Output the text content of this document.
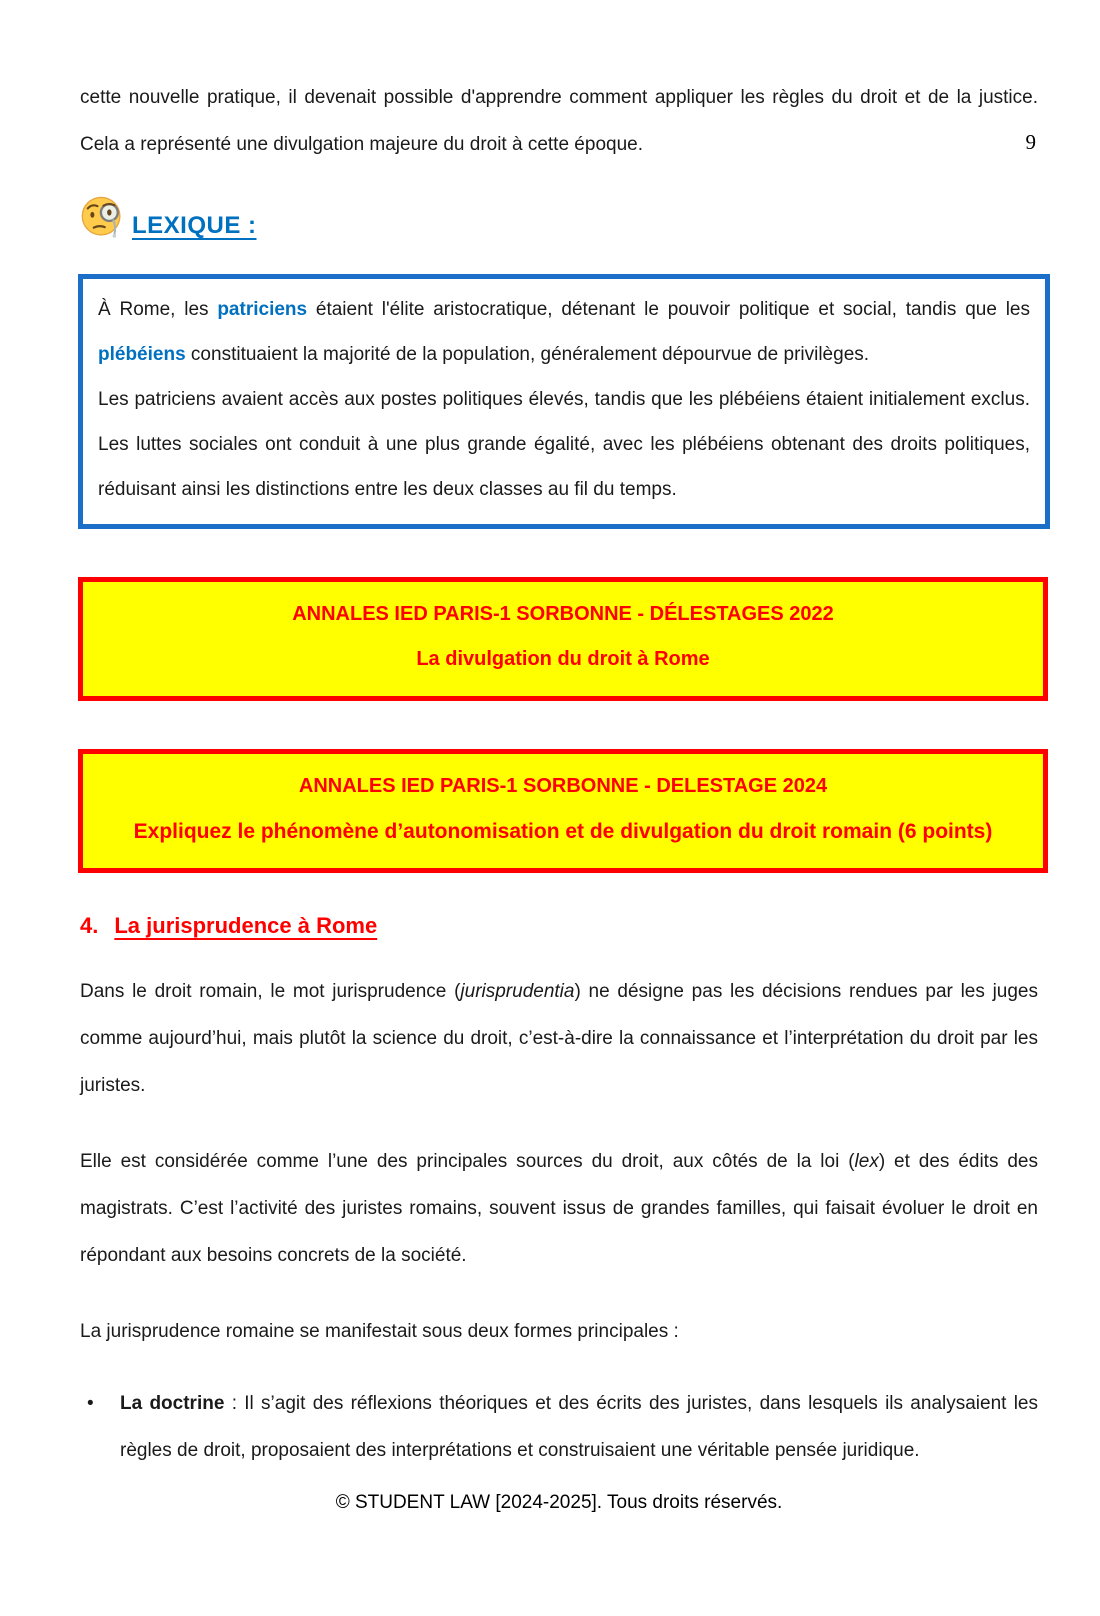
9

cette nouvelle pratique, il devenait possible d'apprendre comment appliquer les règles du droit et de la justice. Cela a représenté une divulgation majeure du droit à cette époque.

LEXIQUE :
À Rome, les patriciens étaient l'élite aristocratique, détenant le pouvoir politique et social, tandis que les plébéiens constituaient la majorité de la population, généralement dépourvue de privilèges.
Les patriciens avaient accès aux postes politiques élevés, tandis que les plébéiens étaient initialement exclus. Les luttes sociales ont conduit à une plus grande égalité, avec les plébéiens obtenant des droits politiques, réduisant ainsi les distinctions entre les deux classes au fil du temps.
ANNALES IED PARIS-1 SORBONNE - DÉLESTAGES 2022
La divulgation du droit à Rome
ANNALES IED PARIS-1 SORBONNE - DELESTAGE 2024
Expliquez le phénomène d’autonomisation et de divulgation du droit romain (6 points)
4. La jurisprudence à Rome

Dans le droit romain, le mot jurisprudence (jurisprudentia) ne désigne pas les décisions rendues par les juges comme aujourd’hui, mais plutôt la science du droit, c’est-à-dire la connaissance et l’interprétation du droit par les juristes.

Elle est considérée comme l’une des principales sources du droit, aux côtés de la loi (lex) et des édits des magistrats. C’est l’activité des juristes romains, souvent issus de grandes familles, qui faisait évoluer le droit en répondant aux besoins concrets de la société.

La jurisprudence romaine se manifestait sous deux formes principales :

•	La doctrine : Il s’agit des réflexions théoriques et des écrits des juristes, dans lesquels ils analysaient les règles de droit, proposaient des interprétations et construisaient une véritable pensée juridique.
© STUDENT LAW [2024-2025]. Tous droits réservés.
